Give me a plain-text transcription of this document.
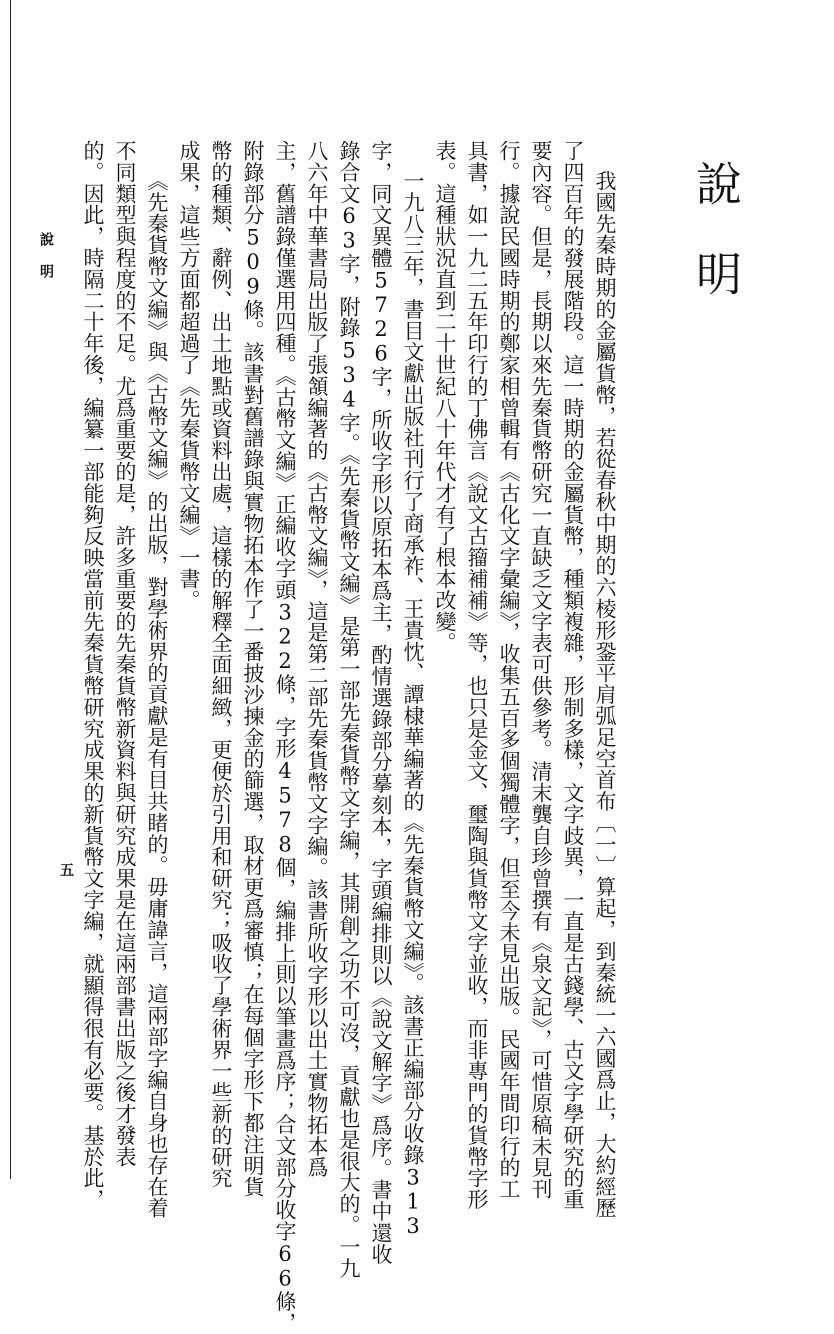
說明
我國先秦時期的金屬貨幣，若從春秋中期的六棱形銎平肩弧足空首布〔一〕算起，到秦統一六國爲止，大約經歷
了四百年的發展階段。這一時期的金屬貨幣，種類複雜，形制多樣，文字歧異，一直是古錢學、古文字學研究的重
要內容。但是，長期以來先秦貨幣研究一直缺乏文字表可供參考。清末龔自珍曾撰有《泉文記》，可惜原稿未見刊
行。據說民國時期的鄭家相曾輯有《古化文字彙編》，收集五百多個獨體字，但至今未見出版。民國年間印行的工
具書，如一九二五年印行的丁佛言《說文古籀補補》等，也只是金文、璽陶與貨幣文字並收，而非專門的貨幣字形
表。這種狀況直到二十世紀八十年代才有了根本改變。
一九八三年，書目文獻出版社刊行了商承祚、王貴忱、譚棣華編著的《先秦貨幣文編》。該書正編部分收錄313
字，同文異體5726字，所收字形以原拓本爲主，酌情選錄部分摹刻本，字頭編排則以《說文解字》爲序。書中還收
錄合文63字，附錄534字。《先秦貨幣文編》是第一部先秦貨幣文字編，其開創之功不可沒，貢獻也是很大的。一九
八六年中華書局出版了張頷編著的《古幣文編》，這是第二部先秦貨幣文字編。該書所收字形以出土實物拓本爲
主，舊譜錄僅選用四種。《古幣文編》正編收字頭322條，字形4578個，編排上則以筆畫爲序；合文部分收字66條，
附錄部分509條。該書對舊譜錄與實物拓本作了一番披沙揀金的篩選，取材更爲審慎；在每個字形下都注明貨
幣的種類、辭例、出土地點或資料出處，這樣的解釋全面細緻，更便於引用和研究；吸收了學術界一些新的研究
成果，這些方面都超過了《先秦貨幣文編》一書。
《先秦貨幣文編》與《古幣文編》的出版，對學術界的貢獻是有目共睹的。毋庸諱言，這兩部字編自身也存在着
不同類型與程度的不足。尤爲重要的是，許多重要的先秦貨幣新資料與研究成果是在這兩部書出版之後才發表
的。因此，時隔二十年後，編纂一部能夠反映當前先秦貨幣研究成果的新貨幣文字編，就顯得很有必要。基於此，
說明
五
